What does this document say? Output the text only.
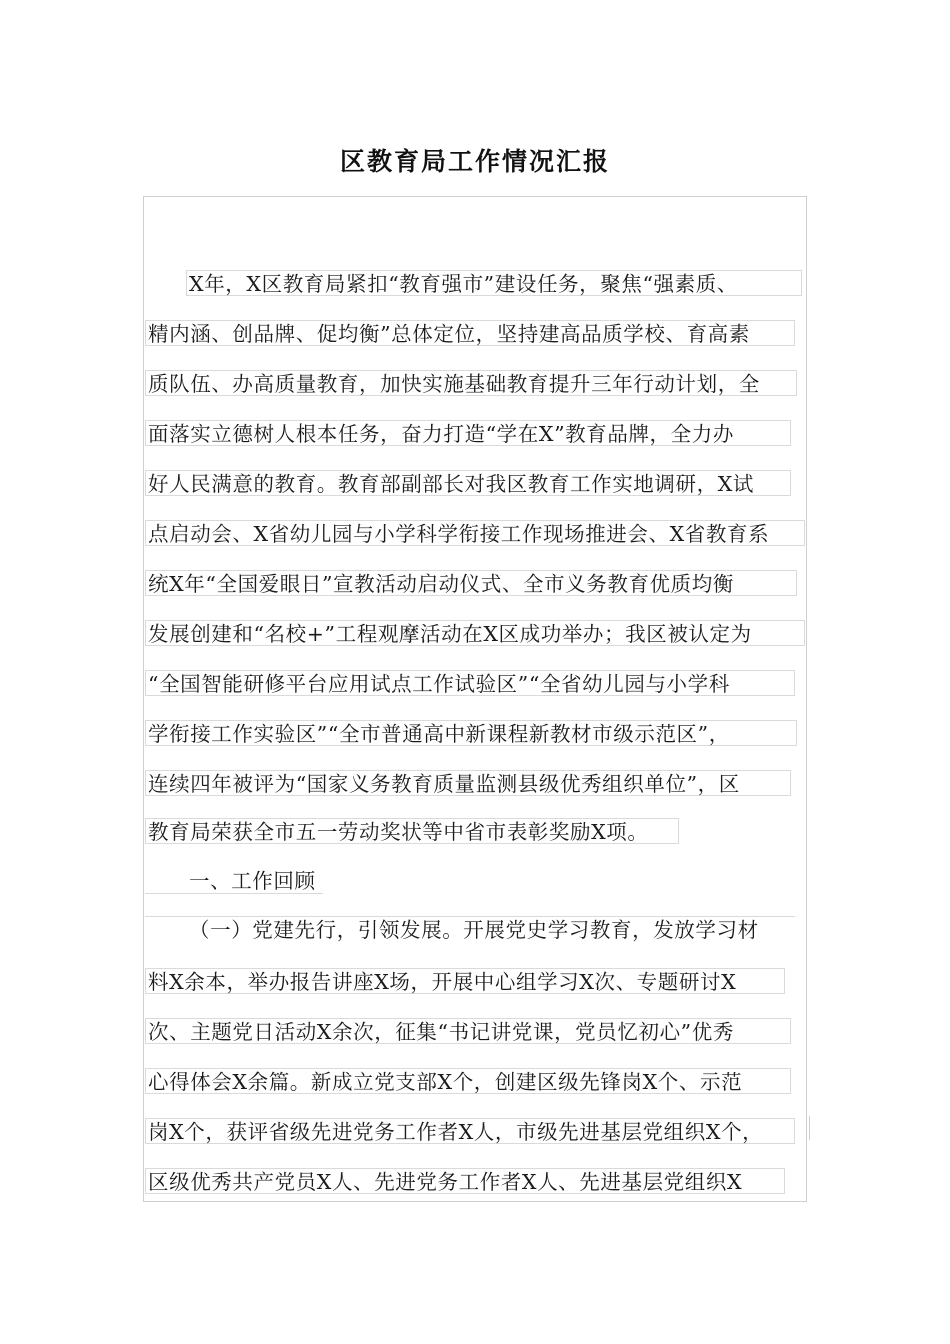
区教育局工作情况汇报
X年，X区教育局紧扣“教育强市”建设任务，聚焦“强素质、
精内涵、创品牌、促均衡”总体定位，坚持建高品质学校、育高素
质队伍、办高质量教育，加快实施基础教育提升三年行动计划，全
面落实立德树人根本任务，奋力打造“学在X”教育品牌，全力办
好人民满意的教育。教育部副部长对我区教育工作实地调研，X试
点启动会、X省幼儿园与小学科学衔接工作现场推进会、X省教育系
统X年“全国爱眼日”宣教活动启动仪式、全市义务教育优质均衡
发展创建和“名校+”工程观摩活动在X区成功举办；我区被认定为
“全国智能研修平台应用试点工作试验区”“全省幼儿园与小学科
学衔接工作实验区”“全市普通高中新课程新教材市级示范区”，
连续四年被评为“国家义务教育质量监测县级优秀组织单位”，区
教育局荣获全市五一劳动奖状等中省市表彰奖励X项。
一、工作回顾
（一）党建先行，引领发展。开展党史学习教育，发放学习材
料X余本，举办报告讲座X场，开展中心组学习X次、专题研讨X
次、主题党日活动X余次，征集“书记讲党课，党员忆初心”优秀
心得体会X余篇。新成立党支部X个，创建区级先锋岗X个、示范
岗X个，获评省级先进党务工作者X人，市级先进基层党组织X个，
区级优秀共产党员X人、先进党务工作者X人、先进基层党组织X
